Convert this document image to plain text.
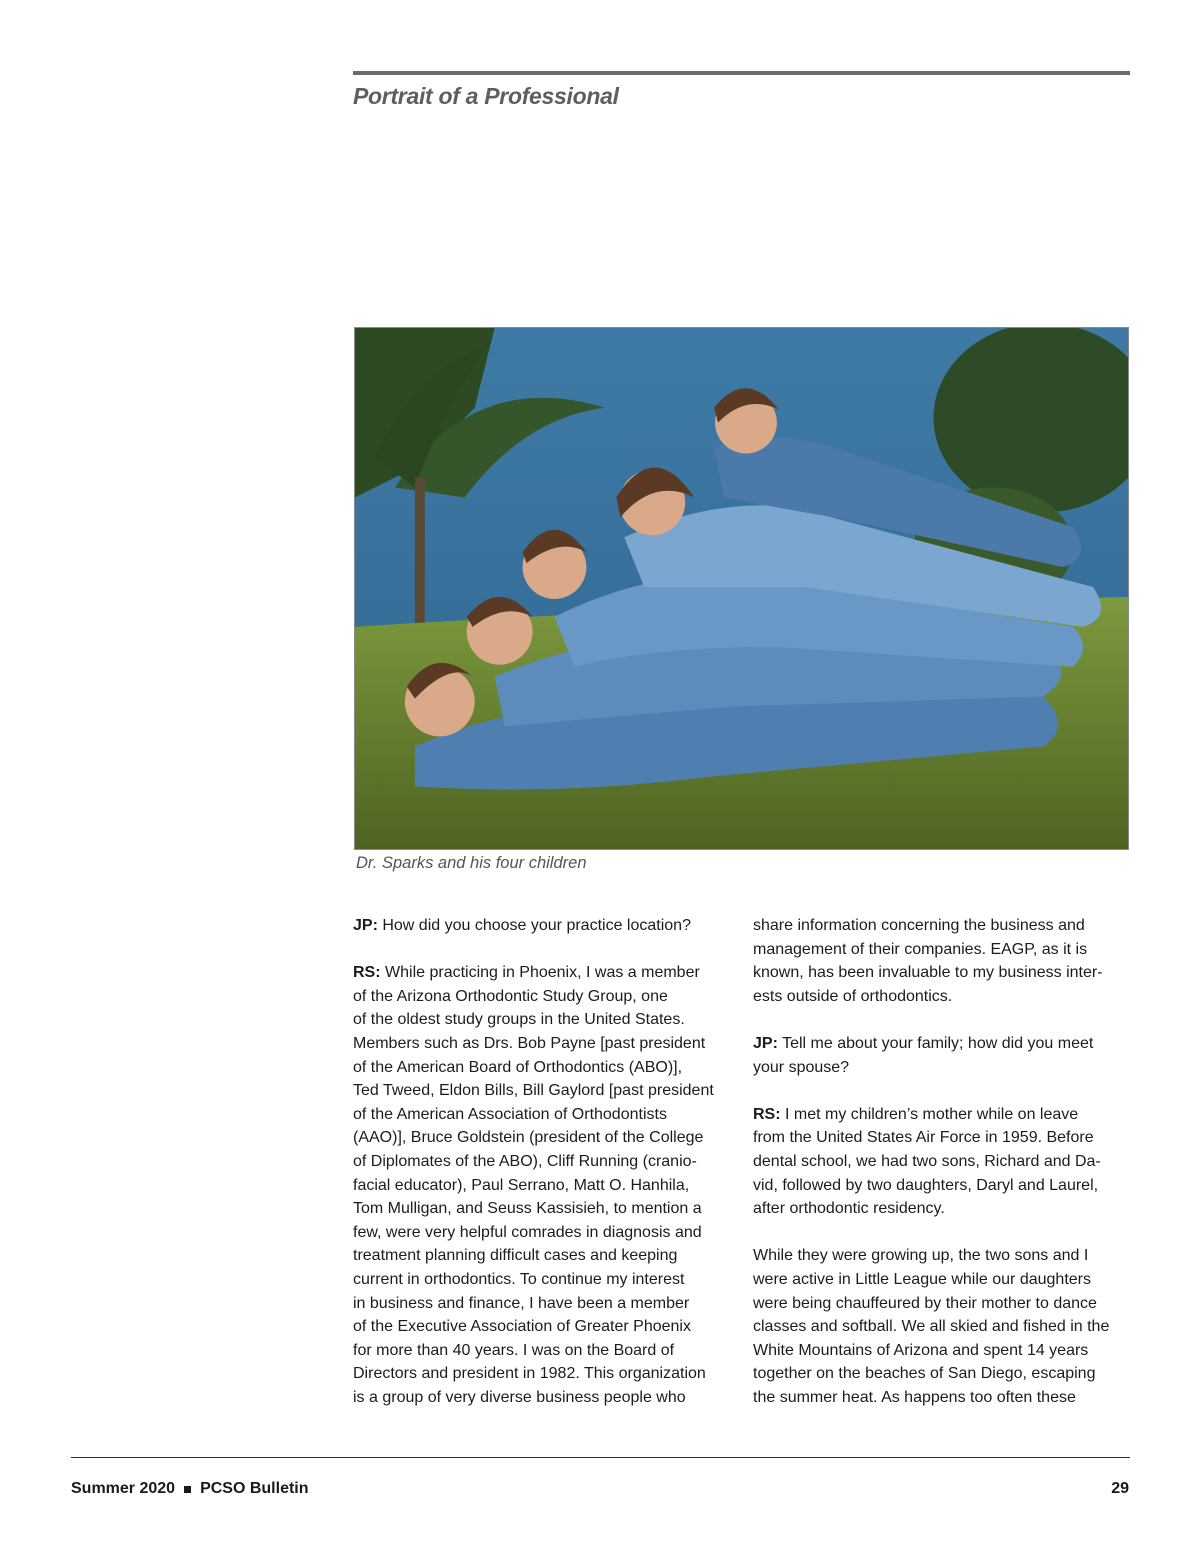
Portrait of a Professional

Dr. Sparks and his four children

JP: How did you choose your practice location?

RS: While practicing in Phoenix, I was a member
of the Arizona Orthodontic Study Group, one
of the oldest study groups in the United States.
Members such as Drs. Bob Payne [past president
of the American Board of Orthodontics (ABO)],
Ted Tweed, Eldon Bills, Bill Gaylord [past president
of the American Association of Orthodontists
(AAO)], Bruce Goldstein (president of the College
of Diplomates of the ABO), Cliff Running (cranio-
facial educator), Paul Serrano, Matt O. Hanhila,
Tom Mulligan, and Seuss Kassisieh, to mention a
few, were very helpful comrades in diagnosis and
treatment planning difficult cases and keeping
current in orthodontics. To continue my interest
in business and finance, I have been a member
of the Executive Association of Greater Phoenix
for more than 40 years. I was on the Board of
Directors and president in 1982. This organization
is a group of very diverse business people who

share information concerning the business and
management of their companies. EAGP, as it is
known, has been invaluable to my business inter-
ests outside of orthodontics.

JP: Tell me about your family; how did you meet
your spouse?

RS: I met my children’s mother while on leave
from the United States Air Force in 1959. Before
dental school, we had two sons, Richard and Da-
vid, followed by two daughters, Daryl and Laurel,
after orthodontic residency.

While they were growing up, the two sons and I
were active in Little League while our daughters
were being chauffeured by their mother to dance
classes and softball. We all skied and fished in the
White Mountains of Arizona and spent 14 years
together on the beaches of San Diego, escaping
the summer heat. As happens too often these

Summer 2020 PCSO Bulletin	29
